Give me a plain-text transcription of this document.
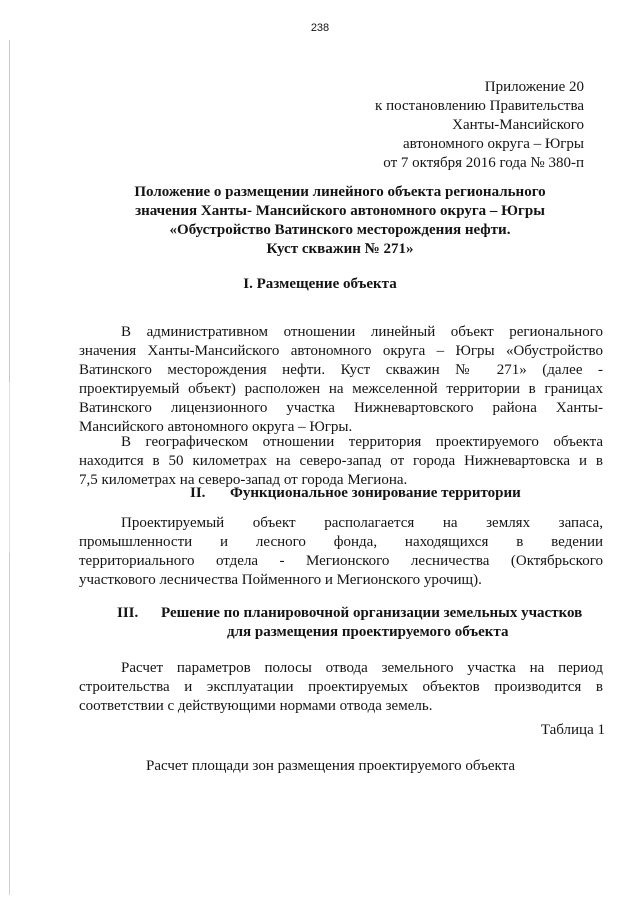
238
Приложение 20
к постановлению Правительства
Ханты-Мансийского
автономного округа – Югры
от 7 октября 2016 года № 380-п
Положение о размещении линейного объекта регионального
значения Ханты- Мансийского автономного округа – Югры
«Обустройство Ватинского месторождения нефти.
Куст скважин № 271»
I. Размещение объекта
В административном отношении линейный объект регионального
значения Ханты-Мансийского автономного округа – Югры «Обустройство
Ватинского месторождения нефти. Куст скважин № 271» (далее -
проектируемый объект) расположен на межселенной территории в границах
Ватинского лицензионного участка Нижневартовского района Ханты-
Мансийского автономного округа – Югры.
В географическом отношении территория проектируемого объекта
находится в 50 километрах на северо-запад от города Нижневартовска и в
7,5 километрах на северо-запад от города Мегиона.
II. Функциональное зонирование территории
Проектируемый объект располагается на землях запаса,
промышленности и лесного фонда, находящихся в ведении
территориального отдела - Мегионского лесничества (Октябрьского
участкового лесничества Пойменного и Мегионского урочищ).
III. Решение по планировочной организации земельных участков
для размещения проектируемого объекта
Расчет параметров полосы отвода земельного участка на период
строительства и эксплуатации проектируемых объектов производится в
соответствии с действующими нормами отвода земель.
Таблица 1
Расчет площади зон размещения проектируемого объекта
